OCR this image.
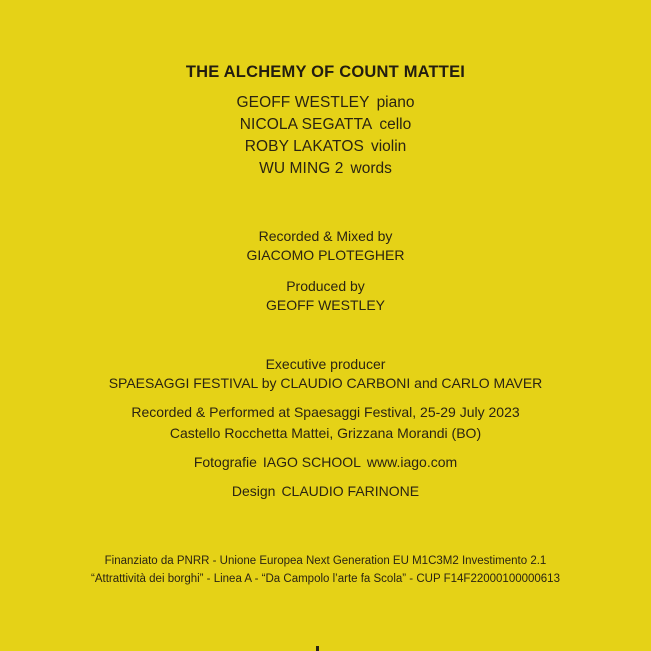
THE ALCHEMY OF COUNT MATTEI
GEOFF WESTLEY piano
NICOLA SEGATTA cello
ROBY LAKATOS violin
WU MING 2 words
Recorded & Mixed by
GIACOMO PLOTEGHER
Produced by
GEOFF WESTLEY
Executive producer
SPAESAGGI FESTIVAL by CLAUDIO CARBONI and CARLO MAVER
Recorded & Performed at Spaesaggi Festival, 25-29 July 2023
Castello Rocchetta Mattei, Grizzana Morandi (BO)
Fotografie IAGO SCHOOL www.iago.com
Design CLAUDIO FARINONE
Finanziato da PNRR - Unione Europea Next Generation EU M1C3M2 Investimento 2.1
“Attrattività dei borghi” - Linea A - “Da Campolo l’arte fa Scola” - CUP F14F22000100000613
